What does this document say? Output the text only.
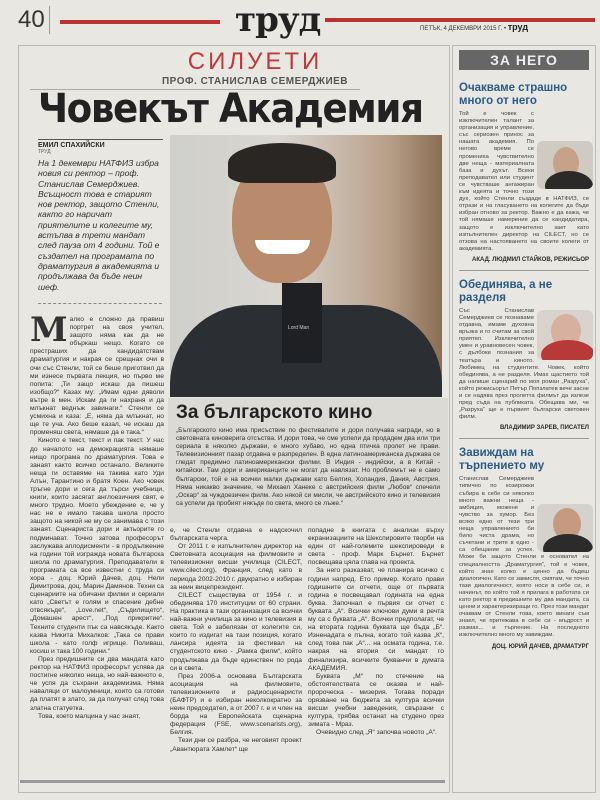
40	труд	ПЕТЪК, 4 ДЕКЕМВРИ 2015 Г. • труд
СИЛУЕТИ
ПРОФ. СТАНИСЛАВ СЕМЕРДЖИЕВ
Човекът Академия
ЕМИЛ СПАХИЙСКИ
ТРУД
На 1 декември НАТФИЗ избра новия си ректор – проф. Станислав Семерджиев. Всъщност това е старият нов ректор, защото Стенли, както го наричат приятелите и колегите му, встъпва в трети мандат след пауза от 4 години. Той е създател на програмата по драматургия в академията и продължава да бъде неин шеф.
Lord Man
М алко е сложно да правиш портрет на своя учител, защото няма как да не объркаш нещо. Когато се престраших да кандидатствам драматургия и накрая се срещнах очи в очи със Стенли, той се беше приготвил да ми изнесе първата лекция, но първо ме попита: „Ти защо искаш да пишеш изобщо?“ Казах му: „Имам едни дяволи вътре в мен. Искам да ги нахраня и да млъкнат веднъж завинаги.“ Стенли се усмихна и каза: „Е, няма да млъкнат, но ще те уча. Ако беше казал, че искаш да променяш света, нямаше да е така.“

Киното е текст, текст и пак текст. У нас до началото на демокрацията нямаше нищо програма по драматургия. Това е занаят както всичко останало. Великите неща ги оставяме на такива като Уди Алън, Тарантино и братя Коен. Ако човек тръгне дори и сега да търси учебници, книги, които засягат англоезичния свят, е много трудно. Моето убеждение е, че у нас не е имало такава школа просто защото на никой не му се занимава с този занаят. Сценариста дори и актьорите го подминават. Точно затова професорът заслужава аплодисменти - в продължение на години той изгражда новата българска школа по драматургия. Преподаватели в програмата са все известни с труда си хора - доц. Юрий Дачев, доц. Нели Димитрова, доц. Марин Дамянов. Техни са сценариите на обичани филми и сериали като „Светът е голям и спасение дебне отвсякъде“, „Love.net“, „Съдилището“, „Домашен арест“, „Под прикритие“. Техните студенти пък са навсякъде. Както казва Никита Михалков: „Така се прави школа - като голф игрище. Поливаш, косиш и така 100 години.“

През предишните си два мандата като ректор на НАТФИЗ професорът успява да постигне няколко неща, но най-важното е, че успя да съхрани академизма. Няма наваляци от малоумници, които са готови да платят в злато, за да получат след това златна статуетка.

Това, което малцина у нас знаят,

За българското кино
„Българското кино има присъствие по фестивалите и дори получава награди, но в световната киноверига отсъства. И дори това, че сме успели да продадем два или три сериала в няколко държави, е много хубаво, но една птичка пролет не прави. Телевизионният пазар отдавна е разпределен. В една латиноамериканска държава се гледат предимно латиноамерикански филми. В Индия - индийски, а в Китай - китайски. Там дори и американците не могат да навлязат. Но проблемът не е само български, той е на всички малки държави като Белгия, Холандия, Дания, Австрия. Няма никакво значение, че Михаел Ханеке с австрийския филм „Любов“ спечели „Оскар“ за чуждоезичен филм. Ако някой си мисли, че австрийското кино и телевизия са успели да пробият някъде по света, много се лъже.“

е, че Стенли отдавна е надскочил българската черга.

От 2011 г. е изпълнителен директор на Световната асоциация на филмовите и телевизионни висши училища (CILECT, www.cilect.org), Франция, след като в периода 2002-2010 г. двукратно е избиран за неин вицепрезидент.

CILECT съществува от 1954 г. и обединява 170 институции от 60 страни. На практика в тази организация са всички най-важни училища за кино и телевизия в света. Той е забелязан от колегите си, които го издигат на тази позиция, когато лансира идеята за фестивал на студентското кино - „Рамка филм“, който продължава да бъде единствен по рода си в света.

През 2006-а основава Българската асоциация на филмовите, телевизионните и радиосценаристи (БАФТР) и е избиран неколкократно за неин председател, а от 2007 г. е и член на борда на Европейската сценарна федерация (FSE, www.scenarists.org), Белгия.

Тези дни се разбра, че неговият проект „Авантюрата Хамлет“ ще

попадне в книгата с анализи върху екранизациите на Шекспировите творби на един от най-големите шекспироведи в света - проф. Марк Бърнет. Бърнет посвещава цяла глава на проекта.

За него разказват, че планира всичко с години напред. Ето пример. Когато прави годишните си отчети, още от първата година е посвещавал годината на една буква. Започнал е първия си отчет с буквата „А“. Всички ключови думи в речта му са с буквата „А“. Всички предполагат, че на втората година буквата ще бъда „Б“. Изненадата е пълна, когато той казва „К“, след това пак „А“... на осмата година, т.е. накрая на втория си мандат го финализира, всичките букванчи в думата АКАДЕМИЯ.

Буквата „М“ по стечение на обстоятелствата се оказва и най-пророческа - мизерия. Тогава поради орязване на бюджета за култура всички висши учебни заведения, свързани с култура, трябва останат на студено през зимата - Мраз.

Очевидно след „Я“ започва новото „А“.

ЗА НЕГО
Очакваме страшно много от него
Той е човек с изключителен талант за организация и управление, със сериозен принос за нашата академия. По негово време се промениха чувствително две неща - материалната база и духът. Всеки преподавател или студент се чувстваше ангажиран към идеята и точно този дух, който Стенли създаде в НАТФИЗ, се отрази и на гласуването на колегите да бъде избран отново за ректор. Важно е да кажа, че той нямаше намерение да се кандидатира, защото е изключително зает като изпълнителен директор на CILECT, но се отзова на настояването на своите колеги от академията.
АКАД. ЛЮДМИЛ СТАЙКОВ, РЕЖИСЬОР
Обединява, а не разделя
Със Станислав Семерджиев се познаваме отдавна, имаме духовна връзка и го считам за свой приятел. Изключително умен и уравновесен човек, с дълбоки познания за театъра и киното. Любимец на студентите. Човек, който обединява, а не разделя. Имах щастието той да напише сценарий по моя роман „Разруха“, който режисьорът Петър Попзлатев вече засне и се надява през пролетта филмът да излезе пред съда на публиката. Обещава ми, че „Разруха“ ще е първият български световен филм.
ВЛАДИМИР ЗАРЕВ, ПИСАТЕЛ
Завиждам на търпението му
Станислав Семерджиев типично по козирожки събира в себе си няколко много важни неща - амбиция, можене и чувство за хумор. Без всяко едно от тези три неща управлението би било чиста драма, но съчетани и трите в едно - са обещание за успех. Може би защото Стенли е основател на специалността „Драматургия“, той е човек, който знае колко е ценно да бъдеш диалогичен. Като се замисля, смятам, че точно тази диалогичност, която носи в себе си, и начинът, по който той я прилага в работата си като ректор в предишните му два мандата, са ценни и характеризиращи го. През този мандат очаквам от Стенли това, което винаги съм знаел, че притежава в себе си - мъдрост и размах... и търпение. На последното изключително много му завиждам.
ДОЦ. ЮРИЙ ДАЧЕВ, ДРАМАТУРГ
